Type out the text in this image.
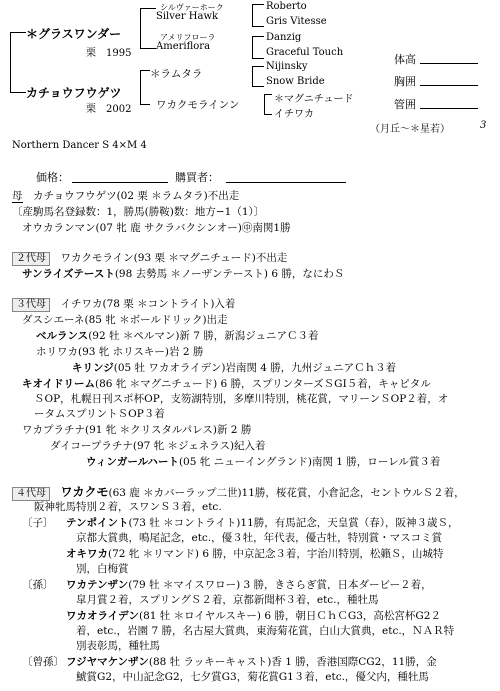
＊グラスワンダー
栗　1995
カチョウフウゲツ
栗　2002
シルヴァーホーク
Silver Hawk
アメリフローラ
Ameriflora
＊ラムタラ
ワカクモラインン
Roberto
Gris Vitesse
Danzig
Graceful Touch
Nijinsky
Snow Bride
＊マグニチュード
イチワカ
体高
胸囲
管囲
（月丘〜＊星若）	3
Northern Dancer S 4×M 4
価格：	購買者：
母　 カチョウフウゲツ(02 栗 ＊ラムタラ)不出走
〔産駒馬名登録数：1，勝馬(勝鞍)数：地方−1（1）〕
オウカランマン(07 牝 鹿 サクラバクシンオー)㊥南関1勝
２代母　 ワカクモライン(93 栗 ＊マグニチュード)不出走
サンライズテースト(98 去勢馬 ＊ノーザンテースト) 6 勝，なにわＳ
３代母　 イチワカ(78 栗 ＊コントライト)入着
ダスシエーネ(85 牝 ＊ボールドリック)出走
ベルランス(92 牡 ＊ペルマン)新 7 勝，新潟ジュニアＣ３着
ホリワカ(93 牝 ホリスキー)岩 2 勝
キリンジ(05 牡 ワカオライデン)岩南関 4 勝，九州ジュニアＣｈ３着
キオイドリーム(86 牝 ＊マグニチュード) 6 勝，スプリンターズＳGⅠ５着，キャピタル
ＳOP，札幌日刊スポ杯OP，支笏湖特別，多摩川特別，桃花賞，マリーンＳOP２着，オ
ータムスプリントＳOP３着
ワカプラチナ(91 牝 ＊クリスタルパレス)新 2 勝
ダイコープラチナ(97 牝 ＊ジェネラス)紀入着
ウィンガールハート(05 牝 ニューイングランド)南関 1 勝，ローレル賞３着
４代母　 ワカクモ(63 鹿 ＊カバーラップ二世)11勝，桜花賞，小倉記念，セントウルＳ２着，
阪神牝馬特別２着，スワンＳ３着，etc.
〔子〕 テンポイント(73 牡 ＊コントライト)11勝，有馬記念，天皇賞（春），阪神３歳Ｓ，
京都大賞典，鳴尾記念，etc.，優３牡，年代表，優古牡，特別賞・マスコミ賞
オキワカ(72 牝 ＊リマンド) 6 勝，中京記念３着，宇治川特別，松籟Ｓ，山城特
別，白梅賞
〔孫〕 ワカテンザン(79 牡 ＊マイスワロー) 3 勝，きさらぎ賞，日本ダービー２着，
皐月賞２着，スプリングＳ２着，京都新聞杯３着，etc.，種牡馬
ワカオライデン(81 牡 ＊ロイヤルスキー) 6 勝，朝日ＣｈＣG3，高松宮杯G2２
着，etc.，岩園 7 勝，名古屋大賞典，東海菊花賞，白山大賞典，etc.，ＮＡＲ特
別表彰馬，種牡馬
〔曾孫〕 フジヤマケンザン(88 牡 ラッキーキャスト)香 1 勝，香港国際CG2，11勝，金
鯱賞G2，中山記念G2，七夕賞G3，菊花賞G1３着，etc.，優父内，種牡馬
